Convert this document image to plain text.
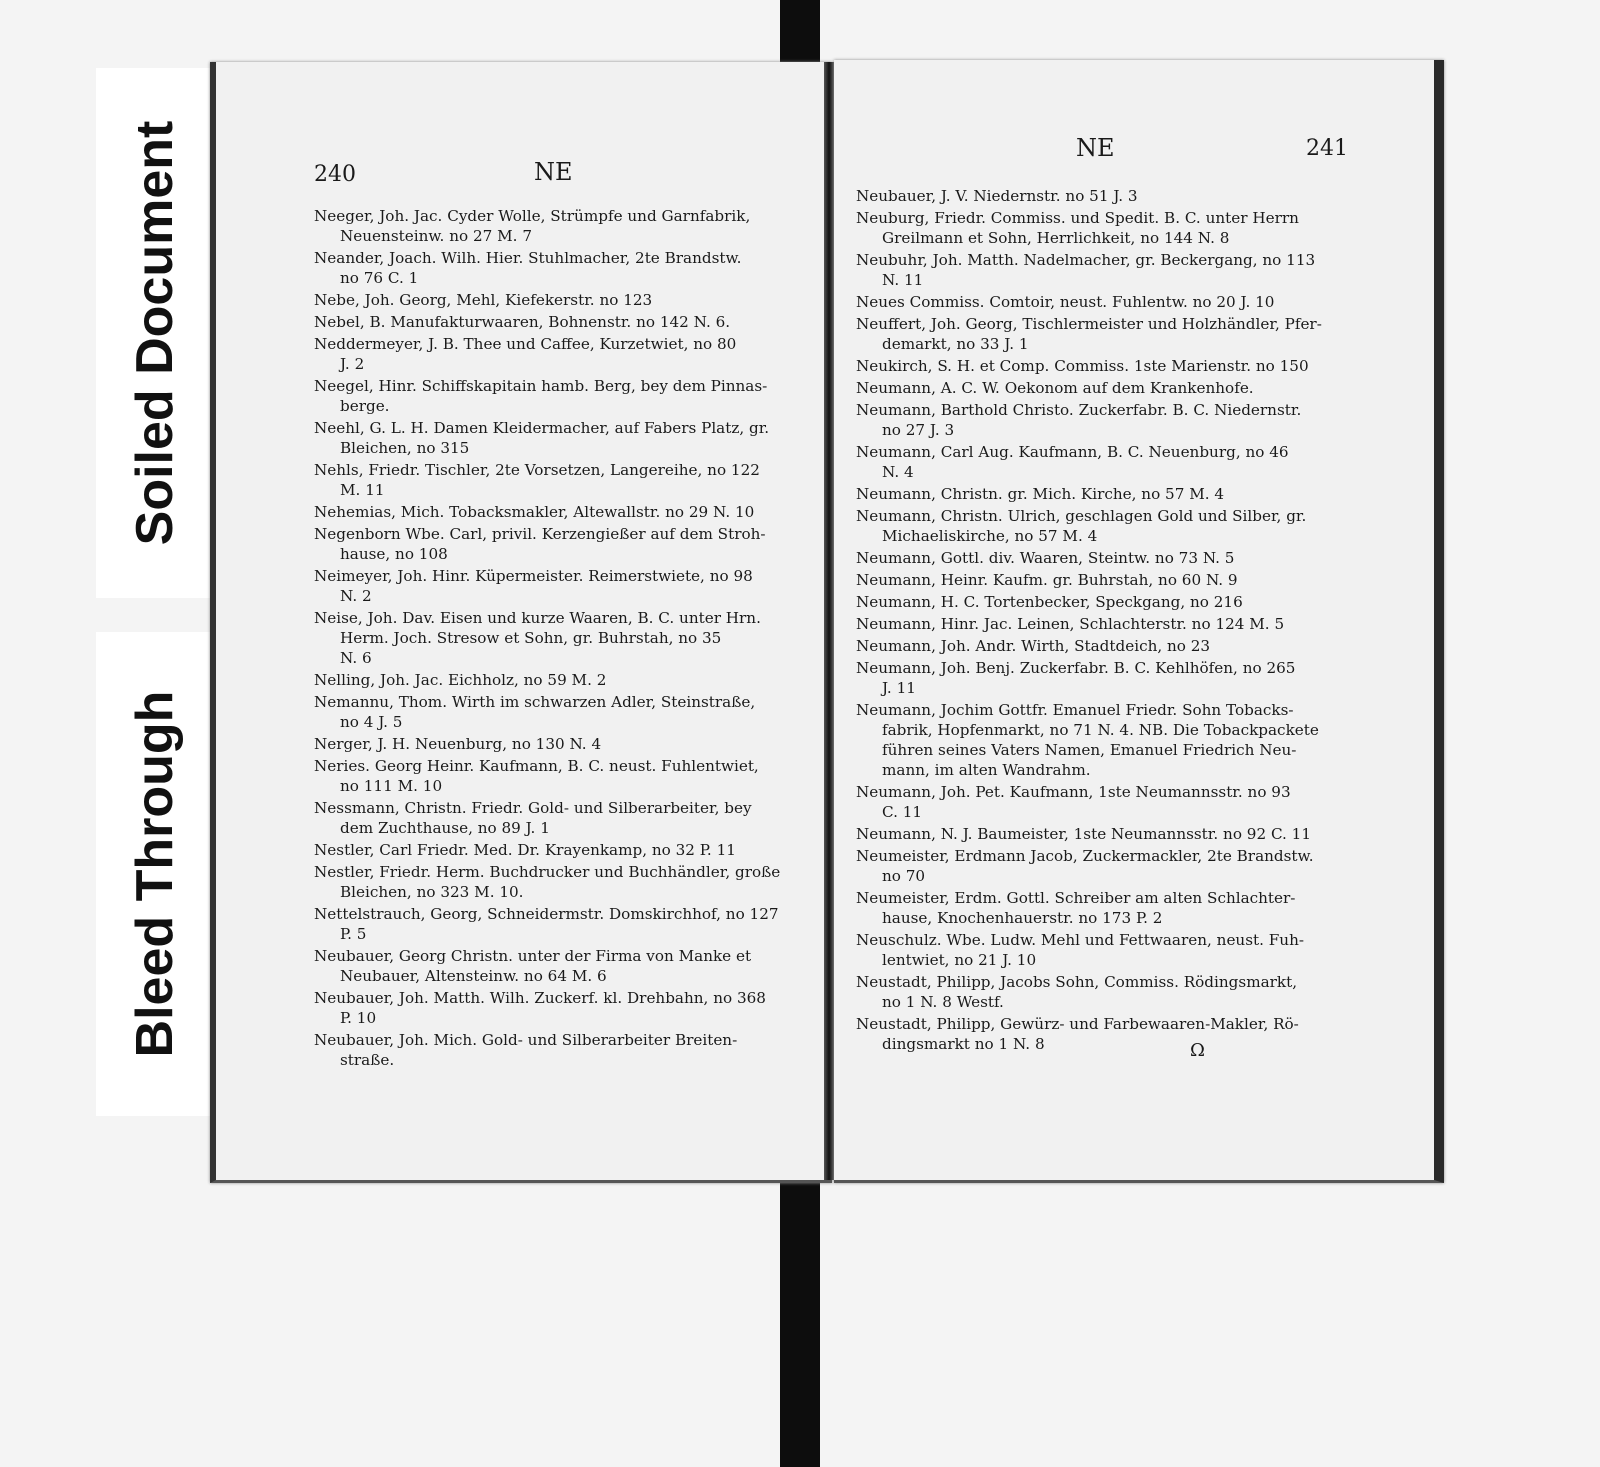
Soiled Document
Bleed Through
240	NE
Neeger, Joh. Jac. Cyder Wolle, Strümpfe und Garnfabrik,
Neuensteinw. no 27 M. 7
Neander, Joach. Wilh. Hier. Stuhlmacher, 2te Brandstw.
no 76 C. 1
Nebe, Joh. Georg, Mehl, Kiefekerstr. no 123
Nebel, B. Manufakturwaaren, Bohnenstr. no 142 N. 6.
Neddermeyer, J. B. Thee und Caffee, Kurzetwiet, no 80
J. 2
Neegel, Hinr. Schiffskapitain hamb. Berg, bey dem Pinnas-
berge.
Neehl, G. L. H. Damen Kleidermacher, auf Fabers Platz, gr.
Bleichen, no 315
Nehls, Friedr. Tischler, 2te Vorsetzen, Langereihe, no 122
M. 11
Nehemias, Mich. Tobacksmakler, Altewallstr. no 29 N. 10
Negenborn Wbe. Carl, privil. Kerzengießer auf dem Stroh-
hause, no 108
Neimeyer, Joh. Hinr. Küpermeister. Reimerstwiete, no 98
N. 2
Neise, Joh. Dav. Eisen und kurze Waaren, B. C. unter Hrn.
Herm. Joch. Stresow et Sohn, gr. Buhrstah, no 35
N. 6
Nelling, Joh. Jac. Eichholz, no 59 M. 2
Nemannu, Thom. Wirth im schwarzen Adler, Steinstraße,
no 4 J. 5
Nerger, J. H. Neuenburg, no 130 N. 4
Neries. Georg Heinr. Kaufmann, B. C. neust. Fuhlentwiet,
no 111 M. 10
Nessmann, Christn. Friedr. Gold- und Silberarbeiter, bey
dem Zuchthause, no 89 J. 1
Nestler, Carl Friedr. Med. Dr. Krayenkamp, no 32 P. 11
Nestler, Friedr. Herm. Buchdrucker und Buchhändler, große
Bleichen, no 323 M. 10.
Nettelstrauch, Georg, Schneidermstr. Domskirchhof, no 127
P. 5
Neubauer, Georg Christn. unter der Firma von Manke et
Neubauer, Altensteinw. no 64 M. 6
Neubauer, Joh. Matth. Wilh. Zuckerf. kl. Drehbahn, no 368
P. 10
Neubauer, Joh. Mich. Gold- und Silberarbeiter Breiten-
straße.
NE	241
Neubauer, J. V. Niedernstr. no 51 J. 3
Neuburg, Friedr. Commiss. und Spedit. B. C. unter Herrn
Greilmann et Sohn, Herrlichkeit, no 144 N. 8
Neubuhr, Joh. Matth. Nadelmacher, gr. Beckergang, no 113
N. 11
Neues Commiss. Comtoir, neust. Fuhlentw. no 20 J. 10
Neuffert, Joh. Georg, Tischlermeister und Holzhändler, Pfer-
demarkt, no 33 J. 1
Neukirch, S. H. et Comp. Commiss. 1ste Marienstr. no 150
Neumann, A. C. W. Oekonom auf dem Krankenhofe.
Neumann, Barthold Christo. Zuckerfabr. B. C. Niedernstr.
no 27 J. 3
Neumann, Carl Aug. Kaufmann, B. C. Neuenburg, no 46
N. 4
Neumann, Christn. gr. Mich. Kirche, no 57 M. 4
Neumann, Christn. Ulrich, geschlagen Gold und Silber, gr.
Michaeliskirche, no 57 M. 4
Neumann, Gottl. div. Waaren, Steintw. no 73 N. 5
Neumann, Heinr. Kaufm. gr. Buhrstah, no 60 N. 9
Neumann, H. C. Tortenbecker, Speckgang, no 216
Neumann, Hinr. Jac. Leinen, Schlachterstr. no 124 M. 5
Neumann, Joh. Andr. Wirth, Stadtdeich, no 23
Neumann, Joh. Benj. Zuckerfabr. B. C. Kehlhöfen, no 265
J. 11
Neumann, Jochim Gottfr. Emanuel Friedr. Sohn Tobacks-
fabrik, Hopfenmarkt, no 71 N. 4. NB. Die Tobackpackete
führen seines Vaters Namen, Emanuel Friedrich Neu-
mann, im alten Wandrahm.
Neumann, Joh. Pet. Kaufmann, 1ste Neumannsstr. no 93
C. 11
Neumann, N. J. Baumeister, 1ste Neumannsstr. no 92 C. 11
Neumeister, Erdmann Jacob, Zuckermackler, 2te Brandstw.
no 70
Neumeister, Erdm. Gottl. Schreiber am alten Schlachter-
hause, Knochenhauerstr. no 173 P. 2
Neuschulz. Wbe. Ludw. Mehl und Fettwaaren, neust. Fuh-
lentwiet, no 21 J. 10
Neustadt, Philipp, Jacobs Sohn, Commiss. Rödingsmarkt,
no 1 N. 8 Westf.
Neustadt, Philipp, Gewürz- und Farbewaaren-Makler, Rö-
dingsmarkt no 1 N. 8	Ω
